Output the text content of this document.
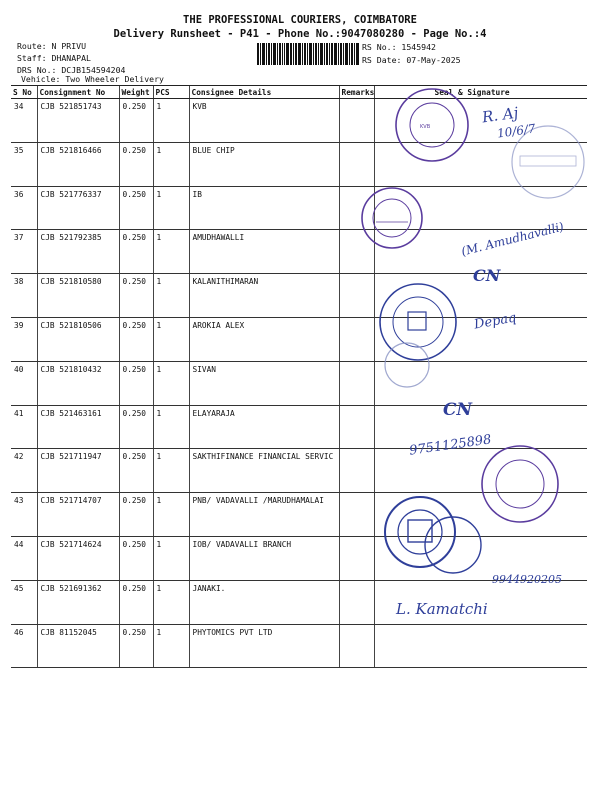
THE PROFESSIONAL COURIERS, COIMBATORE
Delivery Runsheet - P41 - Phone No.:9047080280 - Page No.:4
Route: N PRIVU
Staff: DHANAPAL
DRS No.: DCJB154594204
Vehicle: Two Wheeler Delivery
RS No.: 1545942
RS Date: 07-May-2025
S No	Consignment No	Weight	PCS	Consignee Details	Remarks	Seal & Signature
34	CJB 521851743	0.250	1	KVB		
35	CJB 521816466	0.250	1	BLUE CHIP		
36	CJB 521776337	0.250	1	IB		
37	CJB 521792385	0.250	1	AMUDHAWALLI		
38	CJB 521810580	0.250	1	KALANITHIMARAN		
39	CJB 521810506	0.250	1	AROKIA ALEX		
40	CJB 521810432	0.250	1	SIVAN		
41	CJB 521463161	0.250	1	ELAYARAJA		
42	CJB 521711947	0.250	1	SAKTHIFINANCE FINANCIAL SERVIC		
43	CJB 521714707	0.250	1	PNB/ VADAVALLI /MARUDHAMALAI		
44	CJB 521714624	0.250	1	IOB/ VADAVALLI BRANCH		
45	CJB 521691362	0.250	1	JANAKI.		
46	CJB 81152045	0.250	1	PHYTOMICS PVT LTD		
KVB
R. Aj
10/6/7
(M. Amudhavalli)
CN
Depaq
CN
9751125898
9944920205
L. Kamatchi
